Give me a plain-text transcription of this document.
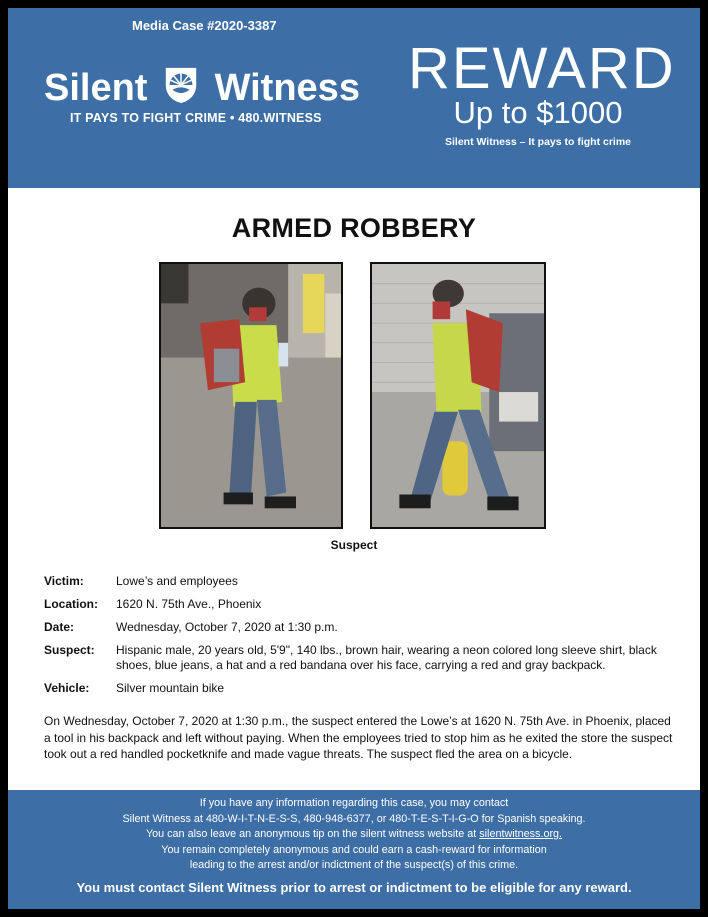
Media Case #2020-3387
Silent Witness
IT PAYS TO FIGHT CRIME • 480.WITNESS
REWARD
Up to $1000
Silent Witness – It pays to fight crime
ARMED ROBBERY
Suspect
Victim:	Lowe’s and employees
Location:	1620 N. 75th Ave., Phoenix
Date:	Wednesday, October 7, 2020 at 1:30 p.m.
Suspect:	Hispanic male, 20 years old, 5'9", 140 lbs., brown hair, wearing a neon colored long sleeve shirt, black shoes, blue jeans, a hat and a red bandana over his face, carrying a red and gray backpack.
Vehicle:	Silver mountain bike
On Wednesday, October 7, 2020 at 1:30 p.m., the suspect entered the Lowe’s at 1620 N. 75th Ave. in Phoenix, placed a tool in his backpack and left without paying. When the employees tried to stop him as he exited the store the suspect took out a red handled pocketknife and made vague threats. The suspect fled the area on a bicycle.
If you have any information regarding this case, you may contact
Silent Witness at 480-W-I-T-N-E-S-S, 480-948-6377, or 480-T-E-S-T-I-G-O for Spanish speaking.
You can also leave an anonymous tip on the silent witness website at silentwitness.org.
You remain completely anonymous and could earn a cash-reward for information
leading to the arrest and/or indictment of the suspect(s) of this crime.
You must contact Silent Witness prior to arrest or indictment to be eligible for any reward.
